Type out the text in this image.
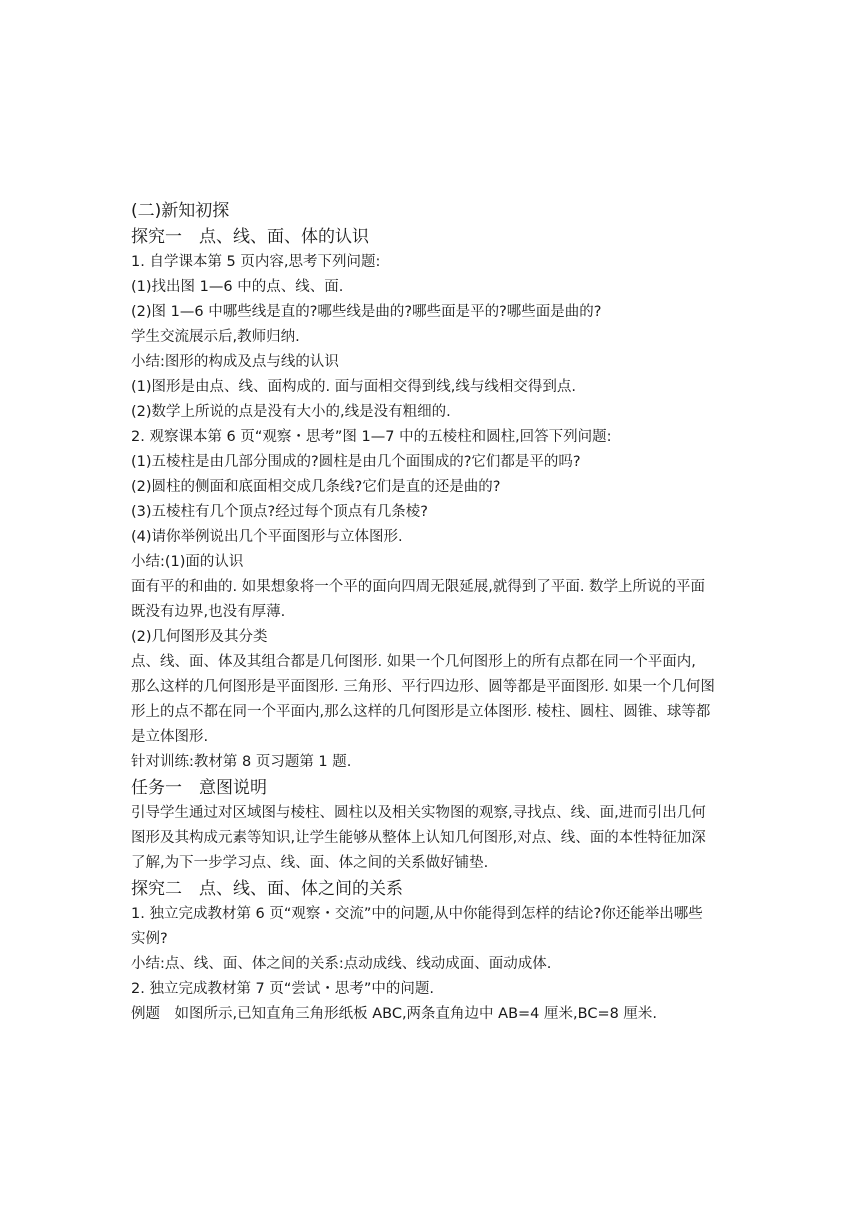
(二)新知初探
探究一　点、线、面、体的认识
1. 自学课本第 5 页内容,思考下列问题:
(1)找出图 1—6 中的点、线、面.
(2)图 1—6 中哪些线是直的?哪些线是曲的?哪些面是平的?哪些面是曲的?
学生交流展示后,教师归纳.
小结:图形的构成及点与线的认识
(1)图形是由点、线、面构成的. 面与面相交得到线,线与线相交得到点.
(2)数学上所说的点是没有大小的,线是没有粗细的.
2. 观察课本第 6 页“观察・思考”图 1—7 中的五棱柱和圆柱,回答下列问题:
(1)五棱柱是由几部分围成的?圆柱是由几个面围成的?它们都是平的吗?
(2)圆柱的侧面和底面相交成几条线?它们是直的还是曲的?
(3)五棱柱有几个顶点?经过每个顶点有几条棱?
(4)请你举例说出几个平面图形与立体图形.
小结:(1)面的认识
面有平的和曲的. 如果想象将一个平的面向四周无限延展,就得到了平面. 数学上所说的平面
既没有边界,也没有厚薄.
(2)几何图形及其分类
点、线、面、体及其组合都是几何图形. 如果一个几何图形上的所有点都在同一个平面内,
那么这样的几何图形是平面图形. 三角形、平行四边形、圆等都是平面图形. 如果一个几何图
形上的点不都在同一个平面内,那么这样的几何图形是立体图形. 棱柱、圆柱、圆锥、球等都
是立体图形.
针对训练:教材第 8 页习题第 1 题.
任务一　意图说明
引导学生通过对区域图与棱柱、圆柱以及相关实物图的观察,寻找点、线、面,进而引出几何
图形及其构成元素等知识,让学生能够从整体上认知几何图形,对点、线、面的本性特征加深
了解,为下一步学习点、线、面、体之间的关系做好铺垫.
探究二　点、线、面、体之间的关系
1. 独立完成教材第 6 页“观察・交流”中的问题,从中你能得到怎样的结论?你还能举出哪些
实例?
小结:点、线、面、体之间的关系:点动成线、线动成面、面动成体.
2. 独立完成教材第 7 页“尝试・思考”中的问题.
例题　如图所示,已知直角三角形纸板 ABC,两条直角边中 AB=4 厘米,BC=8 厘米.
